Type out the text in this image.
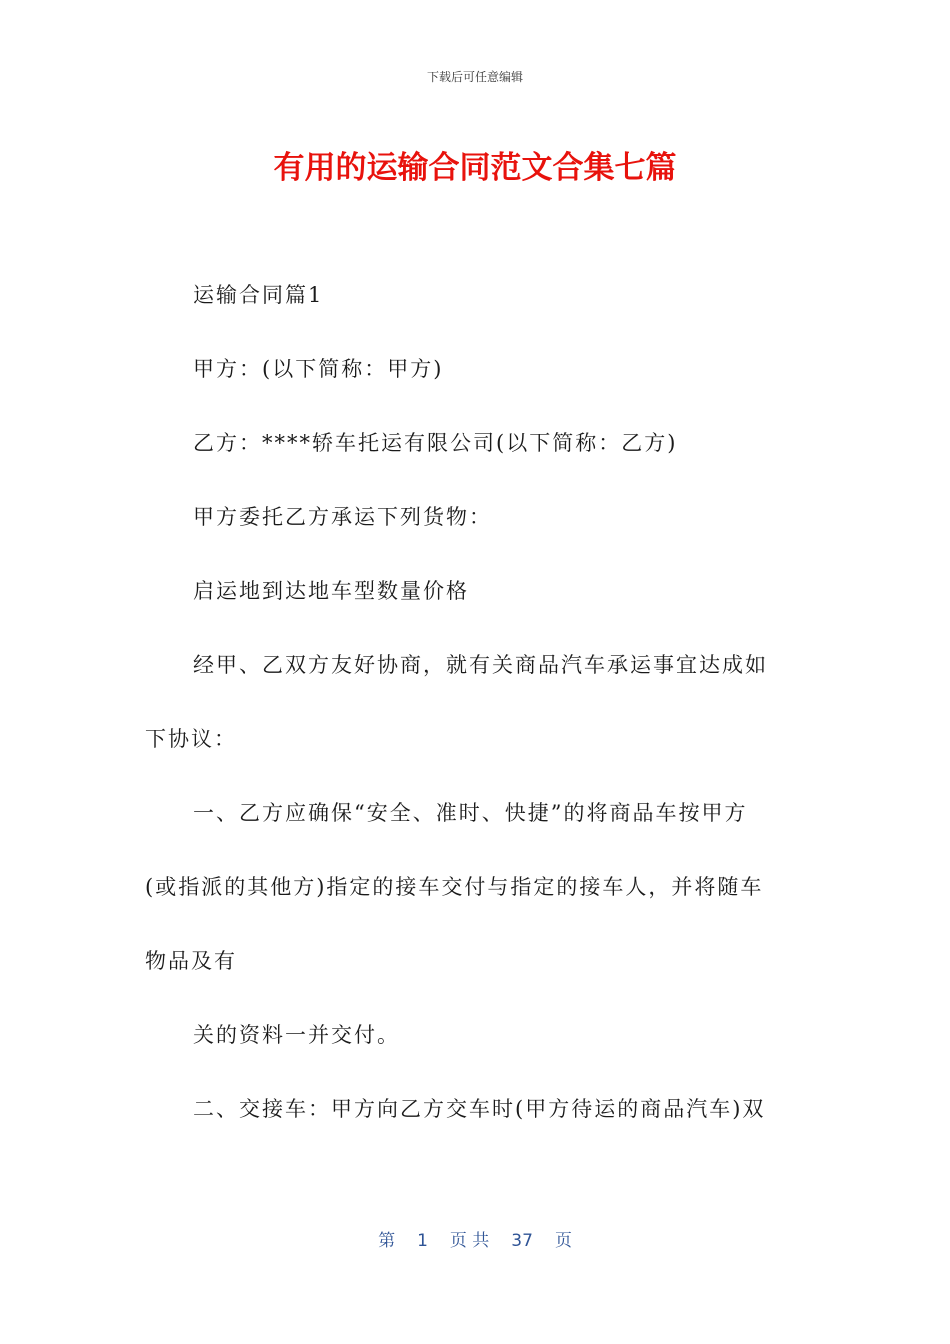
下载后可任意编辑
有用的运输合同范文合集七篇
运输合同篇1
甲方：(以下简称：甲方)
乙方：****轿车托运有限公司(以下简称：乙方)
甲方委托乙方承运下列货物：
启运地到达地车型数量价格
经甲、乙双方友好协商，就有关商品汽车承运事宜达成如
下协议：
一、乙方应确保“安全、准时、快捷”的将商品车按甲方
(或指派的其他方)指定的接车交付与指定的接车人，并将随车
物品及有
关的资料一并交付。
二、交接车：甲方向乙方交车时(甲方待运的商品汽车)双
第 1 页 共 37 页
